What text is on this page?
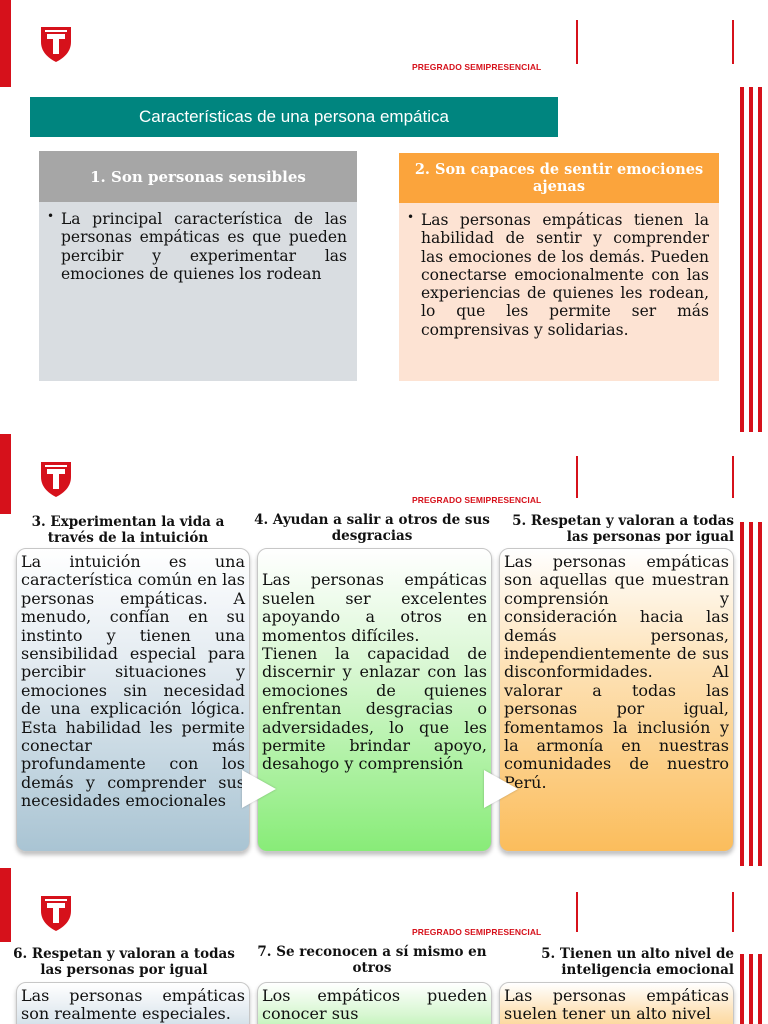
PREGRADO SEMIPRESENCIAL
Características de una persona empática
1. Son personas sensibles
• La principal característica de las personas empáticas es que pueden percibir y experimentar las emociones de quienes los rodean
2. Son capaces de sentir emociones ajenas
• Las personas empáticas tienen la habilidad de sentir y comprender las emociones de los demás. Pueden conectarse emocionalmente con las experiencias de quienes les rodean, lo que les permite ser más comprensivas y solidarias.
PREGRADO SEMIPRESENCIAL
3. Experimentan la vida a través de la intuición
4. Ayudan a salir a otros de sus desgracias
5. Respetan y valoran a todas las personas por igual
La intuición es una característica común en las personas empáticas. A menudo, confían en su instinto y tienen una sensibilidad especial para percibir situaciones y emociones sin necesidad de una explicación lógica. Esta habilidad les permite conectar más profundamente con los demás y comprender sus necesidades emocionales

Las personas empáticas suelen ser excelentes apoyando a otros en momentos difíciles.
Tienen la capacidad de discernir y enlazar con las emociones de quienes enfrentan desgracias o adversidades, lo que les permite brindar apoyo, desahogo y comprensión

Las personas empáticas son aquellas que muestran comprensión y consideración hacia las demás personas, independientemente de sus disconformidades. Al valorar a todas las personas por igual, fomentamos la inclusión y la armonía en nuestras comunidades de nuestro Perú.
PREGRADO SEMIPRESENCIAL
6. Respetan y valoran a todas las personas por igual
7. Se reconocen a sí mismo en otros
5. Tienen un alto nivel de inteligencia emocional
Las personas empáticas son realmente especiales.
Los empáticos pueden conocer sus
Las personas empáticas suelen tener un alto nivel
